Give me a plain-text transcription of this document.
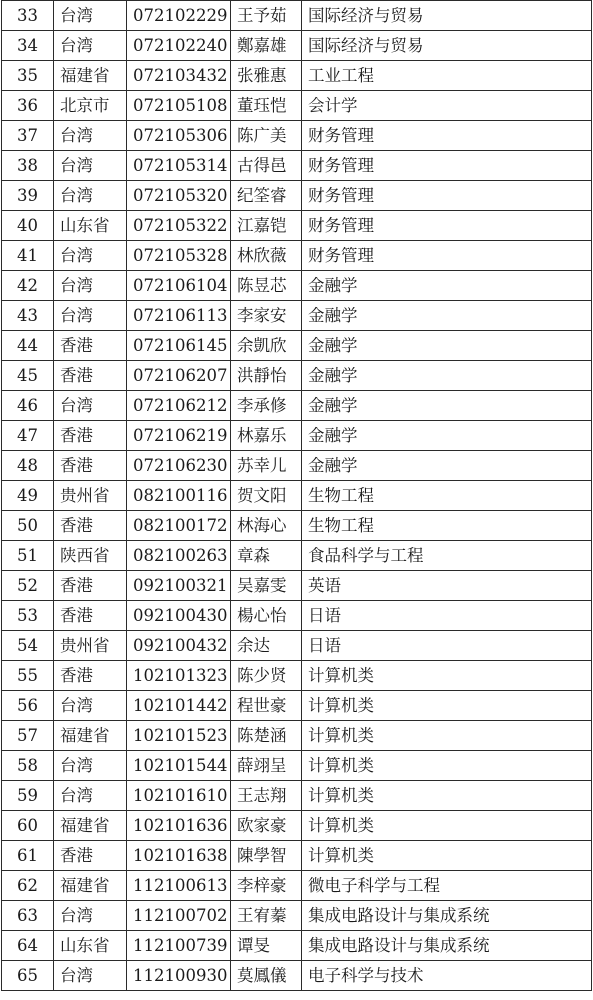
33	台湾	072102229	王予茹	国际经济与贸易
34	台湾	072102240	鄭嘉雄	国际经济与贸易
35	福建省	072103432	张雅惠	工业工程
36	北京市	072105108	董珏恺	会计学
37	台湾	072105306	陈广美	财务管理
38	台湾	072105314	古得邑	财务管理
39	台湾	072105320	纪筌睿	财务管理
40	山东省	072105322	江嘉铠	财务管理
41	台湾	072105328	林欣薇	财务管理
42	台湾	072106104	陈昱芯	金融学
43	台湾	072106113	李家安	金融学
44	香港	072106145	余凱欣	金融学
45	香港	072106207	洪靜怡	金融学
46	台湾	072106212	李承修	金融学
47	香港	072106219	林嘉乐	金融学
48	香港	072106230	苏幸儿	金融学
49	贵州省	082100116	贺文阳	生物工程
50	香港	082100172	林海心	生物工程
51	陕西省	082100263	章森	食品科学与工程
52	香港	092100321	吴嘉雯	英语
53	香港	092100430	楊心怡	日语
54	贵州省	092100432	余达	日语
55	香港	102101323	陈少贤	计算机类
56	台湾	102101442	程世豪	计算机类
57	福建省	102101523	陈楚涵	计算机类
58	台湾	102101544	薛翊呈	计算机类
59	台湾	102101610	王志翔	计算机类
60	福建省	102101636	欧家豪	计算机类
61	香港	102101638	陳學智	计算机类
62	福建省	112100613	李梓豪	微电子科学与工程
63	台湾	112100702	王宥蓁	集成电路设计与集成系统
64	山东省	112100739	谭旻	集成电路设计与集成系统
65	台湾	112100930	莫鳳儀	电子科学与技术
